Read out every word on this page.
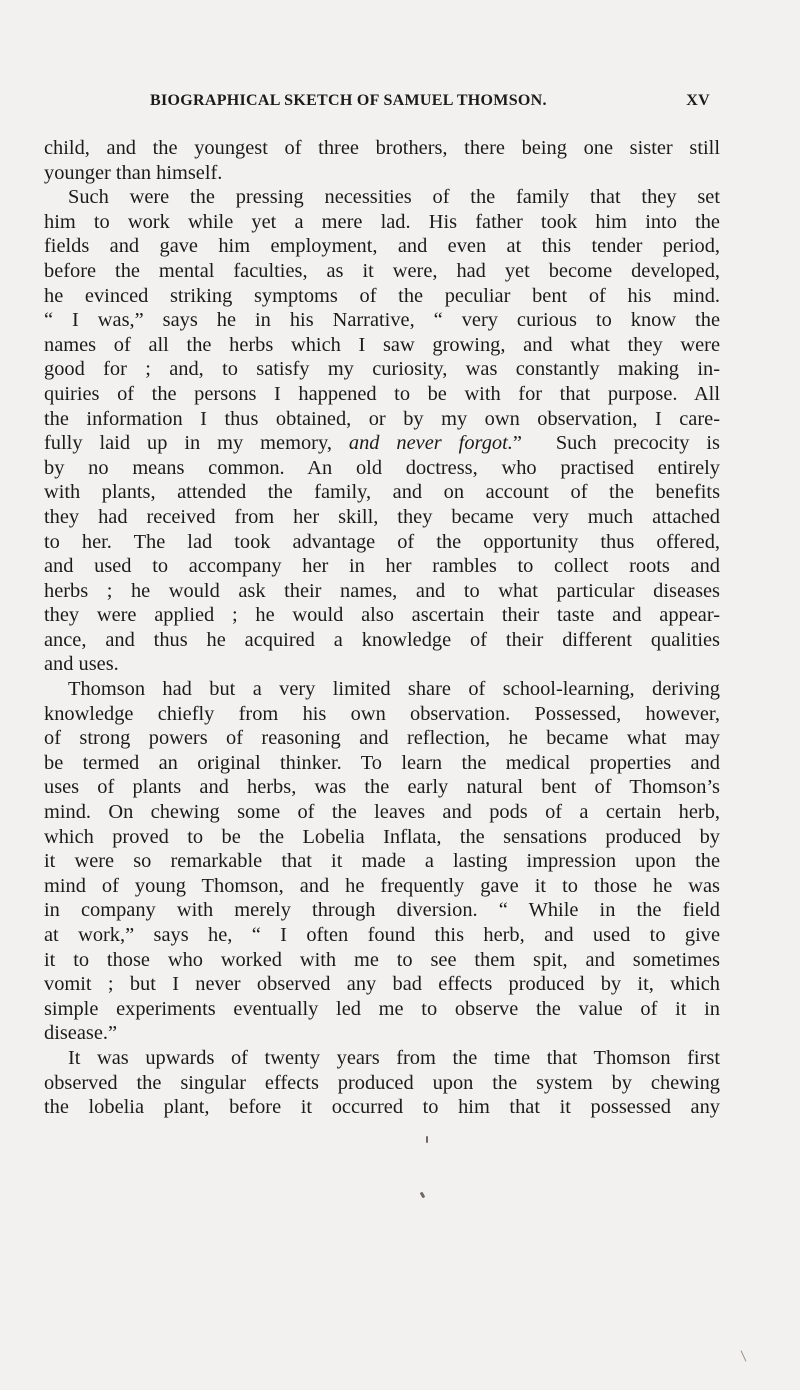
BIOGRAPHICAL SKETCH OF SAMUEL THOMSON.	XV
child, and the youngest of three brothers, there being one sister still
younger than himself.
Such were the pressing necessities of the family that they set
him to work while yet a mere lad. His father took him into the
fields and gave him employment, and even at this tender period,
before the mental faculties, as it were, had yet become developed,
he evinced striking symptoms of the peculiar bent of his mind.
“ I was,” says he in his Narrative, “ very curious to know the
names of all the herbs which I saw growing, and what they were
good for ; and, to satisfy my curiosity, was constantly making in-
quiries of the persons I happened to be with for that purpose. All
the information I thus obtained, or by my own observation, I care-
fully laid up in my memory, and never forgot.”  Such precocity is
by no means common. An old doctress, who practised entirely
with plants, attended the family, and on account of the benefits
they had received from her skill, they became very much attached
to her. The lad took advantage of the opportunity thus offered,
and used to accompany her in her rambles to collect roots and
herbs ; he would ask their names, and to what particular diseases
they were applied ; he would also ascertain their taste and appear-
ance, and thus he acquired a knowledge of their different qualities
and uses.
Thomson had but a very limited share of school-learning, deriving
knowledge chiefly from his own observation. Possessed, however,
of strong powers of reasoning and reflection, he became what may
be termed an original thinker. To learn the medical properties and
uses of plants and herbs, was the early natural bent of Thomson’s
mind. On chewing some of the leaves and pods of a certain herb,
which proved to be the Lobelia Inflata, the sensations produced by
it were so remarkable that it made a lasting impression upon the
mind of young Thomson, and he frequently gave it to those he was
in company with merely through diversion. “ While in the field
at work,” says he, “ I often found this herb, and used to give
it to those who worked with me to see them spit, and sometimes
vomit ; but I never observed any bad effects produced by it, which
simple experiments eventually led me to observe the value of it in
disease.”
It was upwards of twenty years from the time that Thomson first
observed the singular effects produced upon the system by chewing
the lobelia plant, before it occurred to him that it possessed any
